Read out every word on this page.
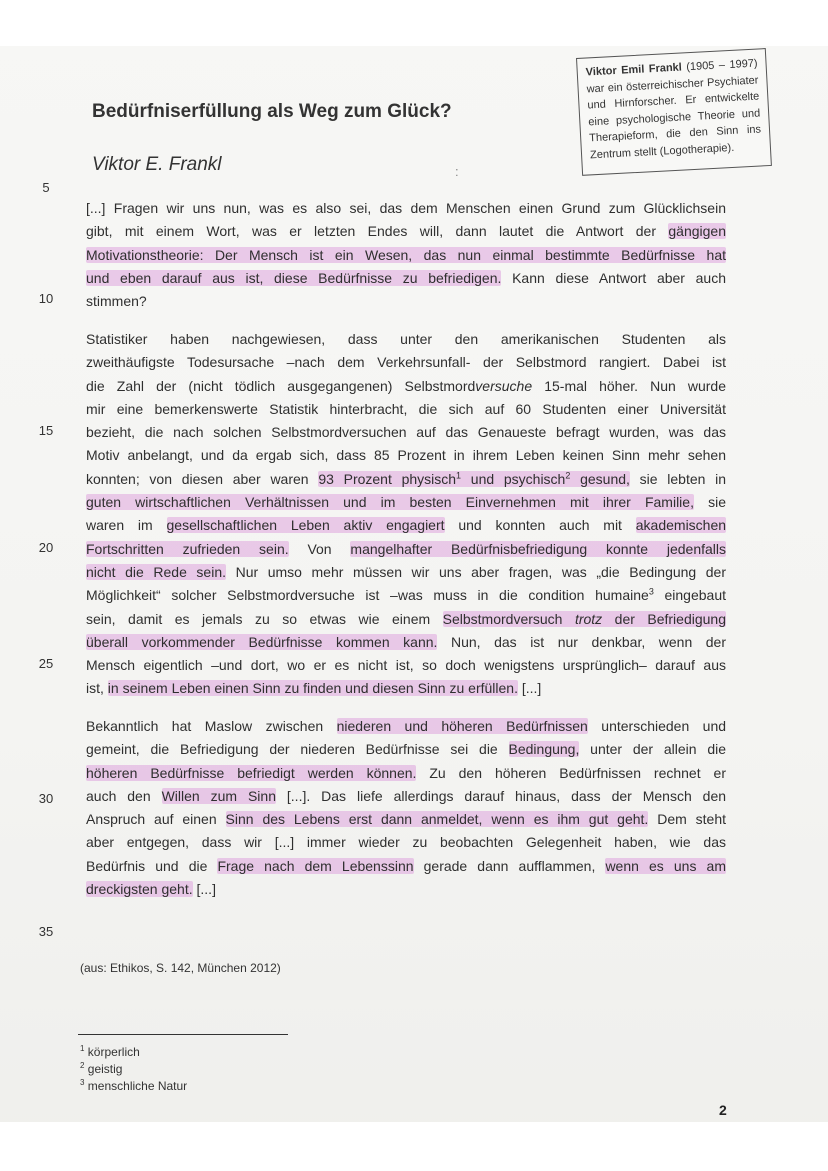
Viktor Emil Frankl (1905 – 1997) war ein österreichischer Psychiater und Hirnforscher. Er entwickelte eine psychologische Theorie und Therapieform, die den Sinn ins Zentrum stellt (Logotherapie).
Bedürfniserfüllung als Weg zum Glück?
Viktor E. Frankl	:
5
10
15
20
25
30
35
[...] Fragen wir uns nun, was es also sei, das dem Menschen einen Grund zum Glücklichsein
gibt, mit einem Wort, was er letzten Endes will, dann lautet die Antwort der gängigen
Motivationstheorie: Der Mensch ist ein Wesen, das nun einmal bestimmte Bedürfnisse hat
und eben darauf aus ist, diese Bedürfnisse zu befriedigen. Kann diese Antwort aber auch
stimmen?
Statistiker haben nachgewiesen, dass unter den amerikanischen Studenten als
zweithäufigste Todesursache –nach dem Verkehrsunfall- der Selbstmord rangiert. Dabei ist
die Zahl der (nicht tödlich ausgegangenen) Selbstmordversuche 15-mal höher. Nun wurde
mir eine bemerkenswerte Statistik hinterbracht, die sich auf 60 Studenten einer Universität
bezieht, die nach solchen Selbstmordversuchen auf das Genaueste befragt wurden, was das
Motiv anbelangt, und da ergab sich, dass 85 Prozent in ihrem Leben keinen Sinn mehr sehen
konnten; von diesen aber waren 93 Prozent physisch$^1$ und psychisch$^2$ gesund, sie lebten in
guten wirtschaftlichen Verhältnissen und im besten Einvernehmen mit ihrer Familie, sie
waren im gesellschaftlichen Leben aktiv engagiert und konnten auch mit akademischen
Fortschritten zufrieden sein. Von mangelhafter Bedürfnisbefriedigung konnte jedenfalls
nicht die Rede sein. Nur umso mehr müssen wir uns aber fragen, was „die Bedingung der
Möglichkeit“ solcher Selbstmordversuche ist –was muss in die condition humaine$^3$ eingebaut
sein, damit es jemals zu so etwas wie einem Selbstmordversuch trotz der Befriedigung
überall vorkommender Bedürfnisse kommen kann. Nun, das ist nur denkbar, wenn der
Mensch eigentlich –und dort, wo er es nicht ist, so doch wenigstens ursprünglich– darauf aus
ist, in seinem Leben einen Sinn zu finden und diesen Sinn zu erfüllen. [...]
Bekanntlich hat Maslow zwischen niederen und höheren Bedürfnissen unterschieden und
gemeint, die Befriedigung der niederen Bedürfnisse sei die Bedingung, unter der allein die
höheren Bedürfnisse befriedigt werden können. Zu den höheren Bedürfnissen rechnet er
auch den Willen zum Sinn [...]. Das liefe allerdings darauf hinaus, dass der Mensch den
Anspruch auf einen Sinn des Lebens erst dann anmeldet, wenn es ihm gut geht. Dem steht
aber entgegen, dass wir [...] immer wieder zu beobachten Gelegenheit haben, wie das
Bedürfnis und die Frage nach dem Lebenssinn gerade dann aufflammen, wenn es uns am
dreckigsten geht. [...]
(aus: Ethikos, S. 142, München 2012)
$^1$ körperlich
$^2$ geistig
$^3$ menschliche Natur
2
